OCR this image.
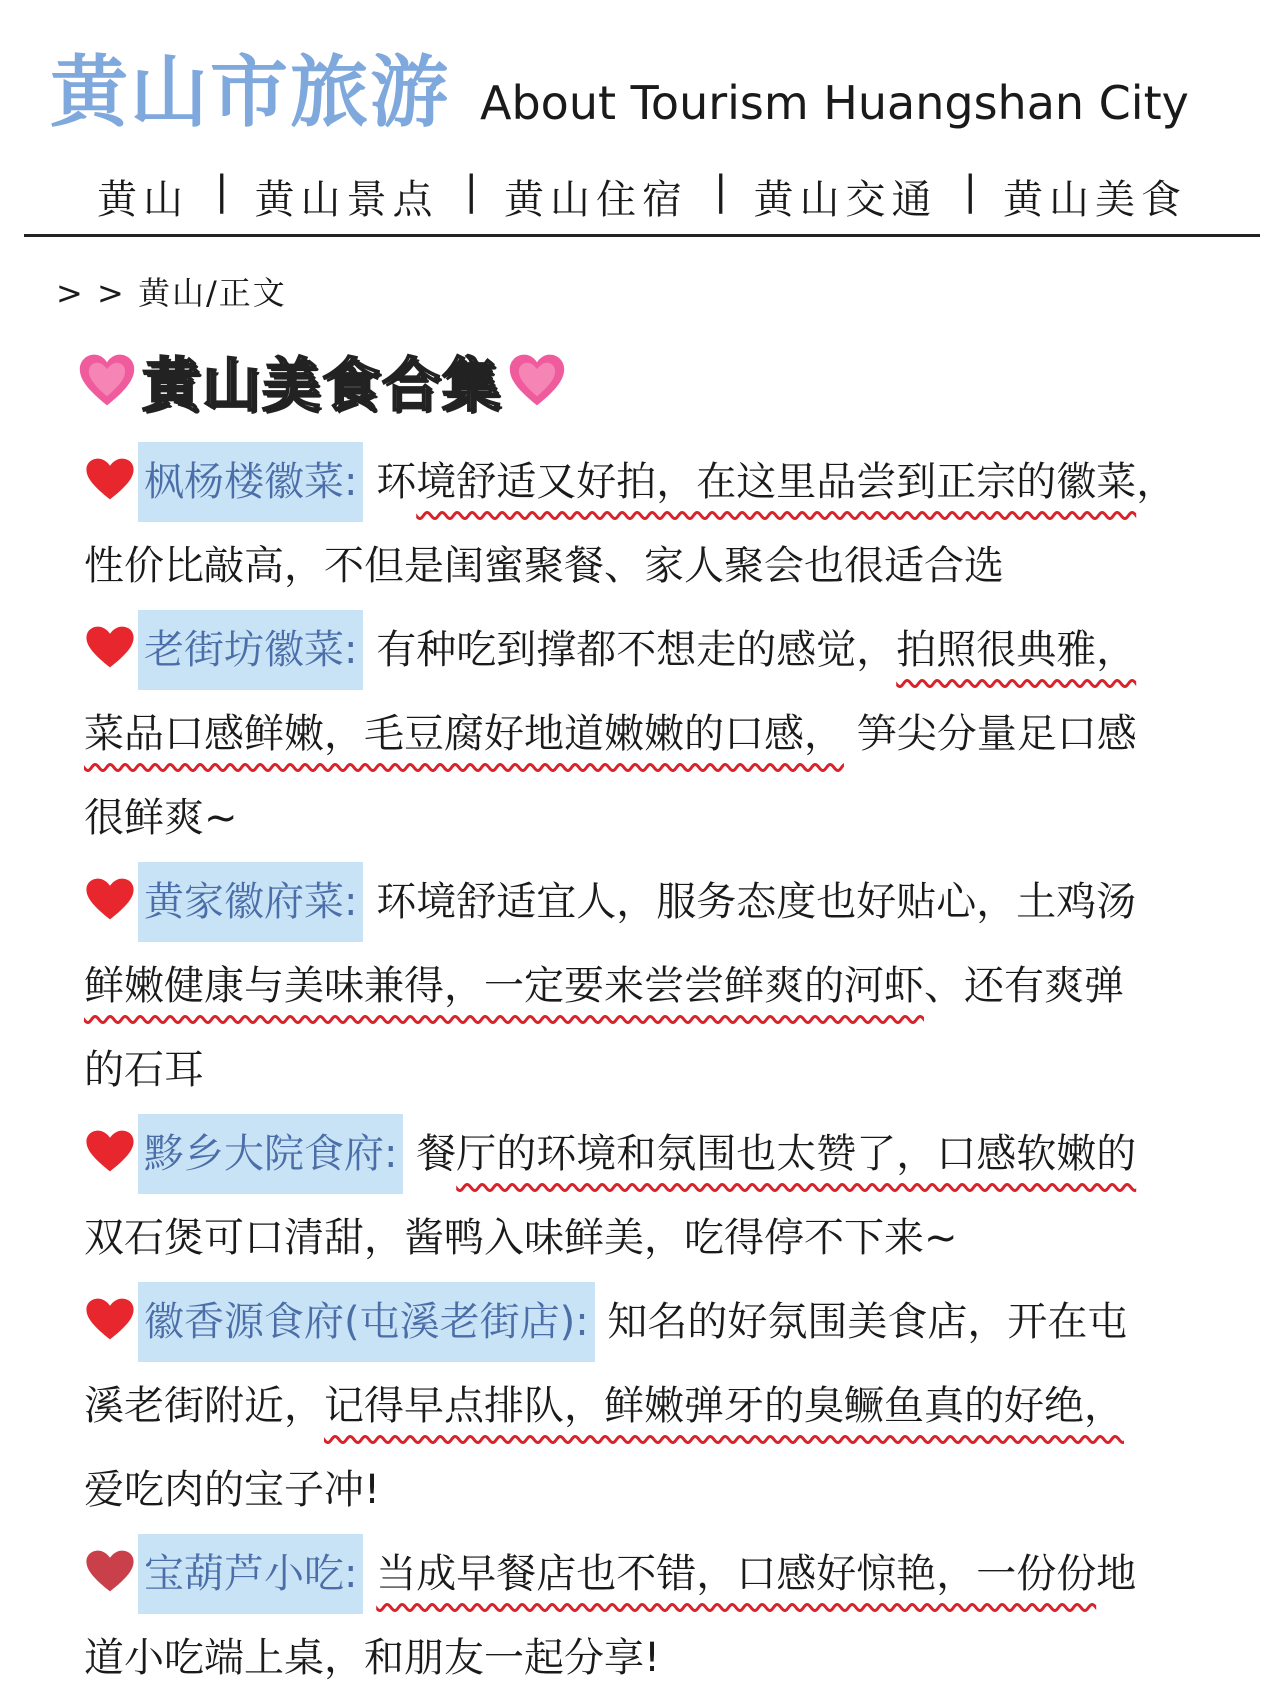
黄山市旅游 About Tourism Huangshan City
黄山 | 黄山景点 | 黄山住宿 | 黄山交通 | 黄山美食
> > 黄山/正文
黄山美食合集
枫杨楼徽菜: 环境舒适又好拍，在这里品尝到正宗的徽菜，
性价比敲高，不但是闺蜜聚餐、家人聚会也很适合选
老街坊徽菜: 有种吃到撑都不想走的感觉，拍照很典雅，
菜品口感鲜嫩，毛豆腐好地道嫩嫩的口感， 笋尖分量足口感
很鲜爽~
黄家徽府菜: 环境舒适宜人，服务态度也好贴心，土鸡汤
鲜嫩健康与美味兼得，一定要来尝尝鲜爽的河虾、还有爽弹
的石耳
黟乡大院食府: 餐厅的环境和氛围也太赞了，口感软嫩的
双石煲可口清甜，酱鸭入味鲜美，吃得停不下来~
徽香源食府(屯溪老街店): 知名的好氛围美食店，开在屯
溪老街附近，记得早点排队，鲜嫩弹牙的臭鳜鱼真的好绝，
爱吃肉的宝子冲!
宝葫芦小吃: 当成早餐店也不错，口感好惊艳，一份份地
道小吃端上桌，和朋友一起分享!
